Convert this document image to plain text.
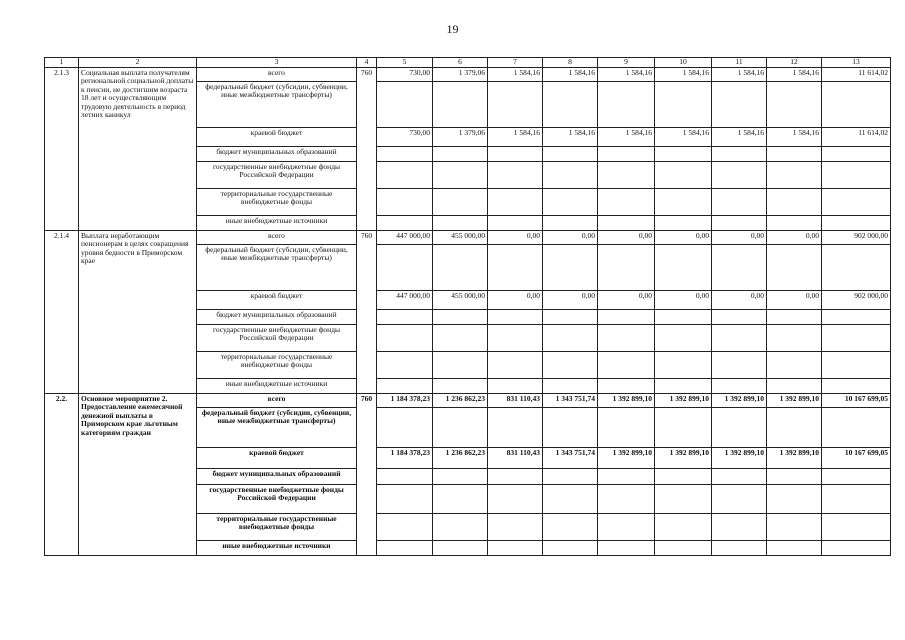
19
1	2	3	4	5	6	7	8	9	10	11	12	13
2.1.3	Социальная выплата получателям региональной социальной доплаты к пенсии, не достигшим возраста 18 лет и осуществляющим трудовую деятельность в период летних каникул	всего	760	730,00	1 379,06	1 584,16	1 584,16	1 584,16	1 584,16	1 584,16	1 584,16	11 614,02
		федеральный бюджет (субсидии, субвенции, иные межбюджетные трансферты)										
		краевой бюджет		730,00	1 379,06	1 584,16	1 584,16	1 584,16	1 584,16	1 584,16	1 584,16	11 614,02
		бюджет муниципальных образований										
		государственные внебюджетные фонды Российской Федерации										
		территориальные государственные внебюджетные фонды										
		иные внебюджетные источники										
2.1.4	Выплата неработающим пенсионерам в целях сокращения уровня бедности в Приморском крае	всего	760	447 000,00	455 000,00	0,00	0,00	0,00	0,00	0,00	0,00	902 000,00
		федеральный бюджет (субсидии, субвенции, иные межбюджетные трансферты)										
		краевой бюджет		447 000,00	455 000,00	0,00	0,00	0,00	0,00	0,00	0,00	902 000,00
		бюджет муниципальных образований										
		государственные внебюджетные фонды Российской Федерации										
		территориальные государственные внебюджетные фонды										
		иные внебюджетные источники										
2.2.	Основное мероприятие 2. Предоставление ежемесячной денежной выплаты в Приморском крае льготным категориям граждан	всего	760	1 184 378,23	1 236 862,23	831 110,43	1 343 751,74	1 392 899,10	1 392 899,10	1 392 899,10	1 392 899,10	10 167 699,05
		федеральный бюджет (субсидии, субвенции, иные межбюджетные трансферты)										
		краевой бюджет		1 184 378,23	1 236 862,23	831 110,43	1 343 751,74	1 392 899,10	1 392 899,10	1 392 899,10	1 392 899,10	10 167 699,05
		бюджет муниципальных образований										
		государственные внебюджетные фонды Российской Федерации										
		территориальные государственные внебюджетные фонды										
		иные внебюджетные источники										
